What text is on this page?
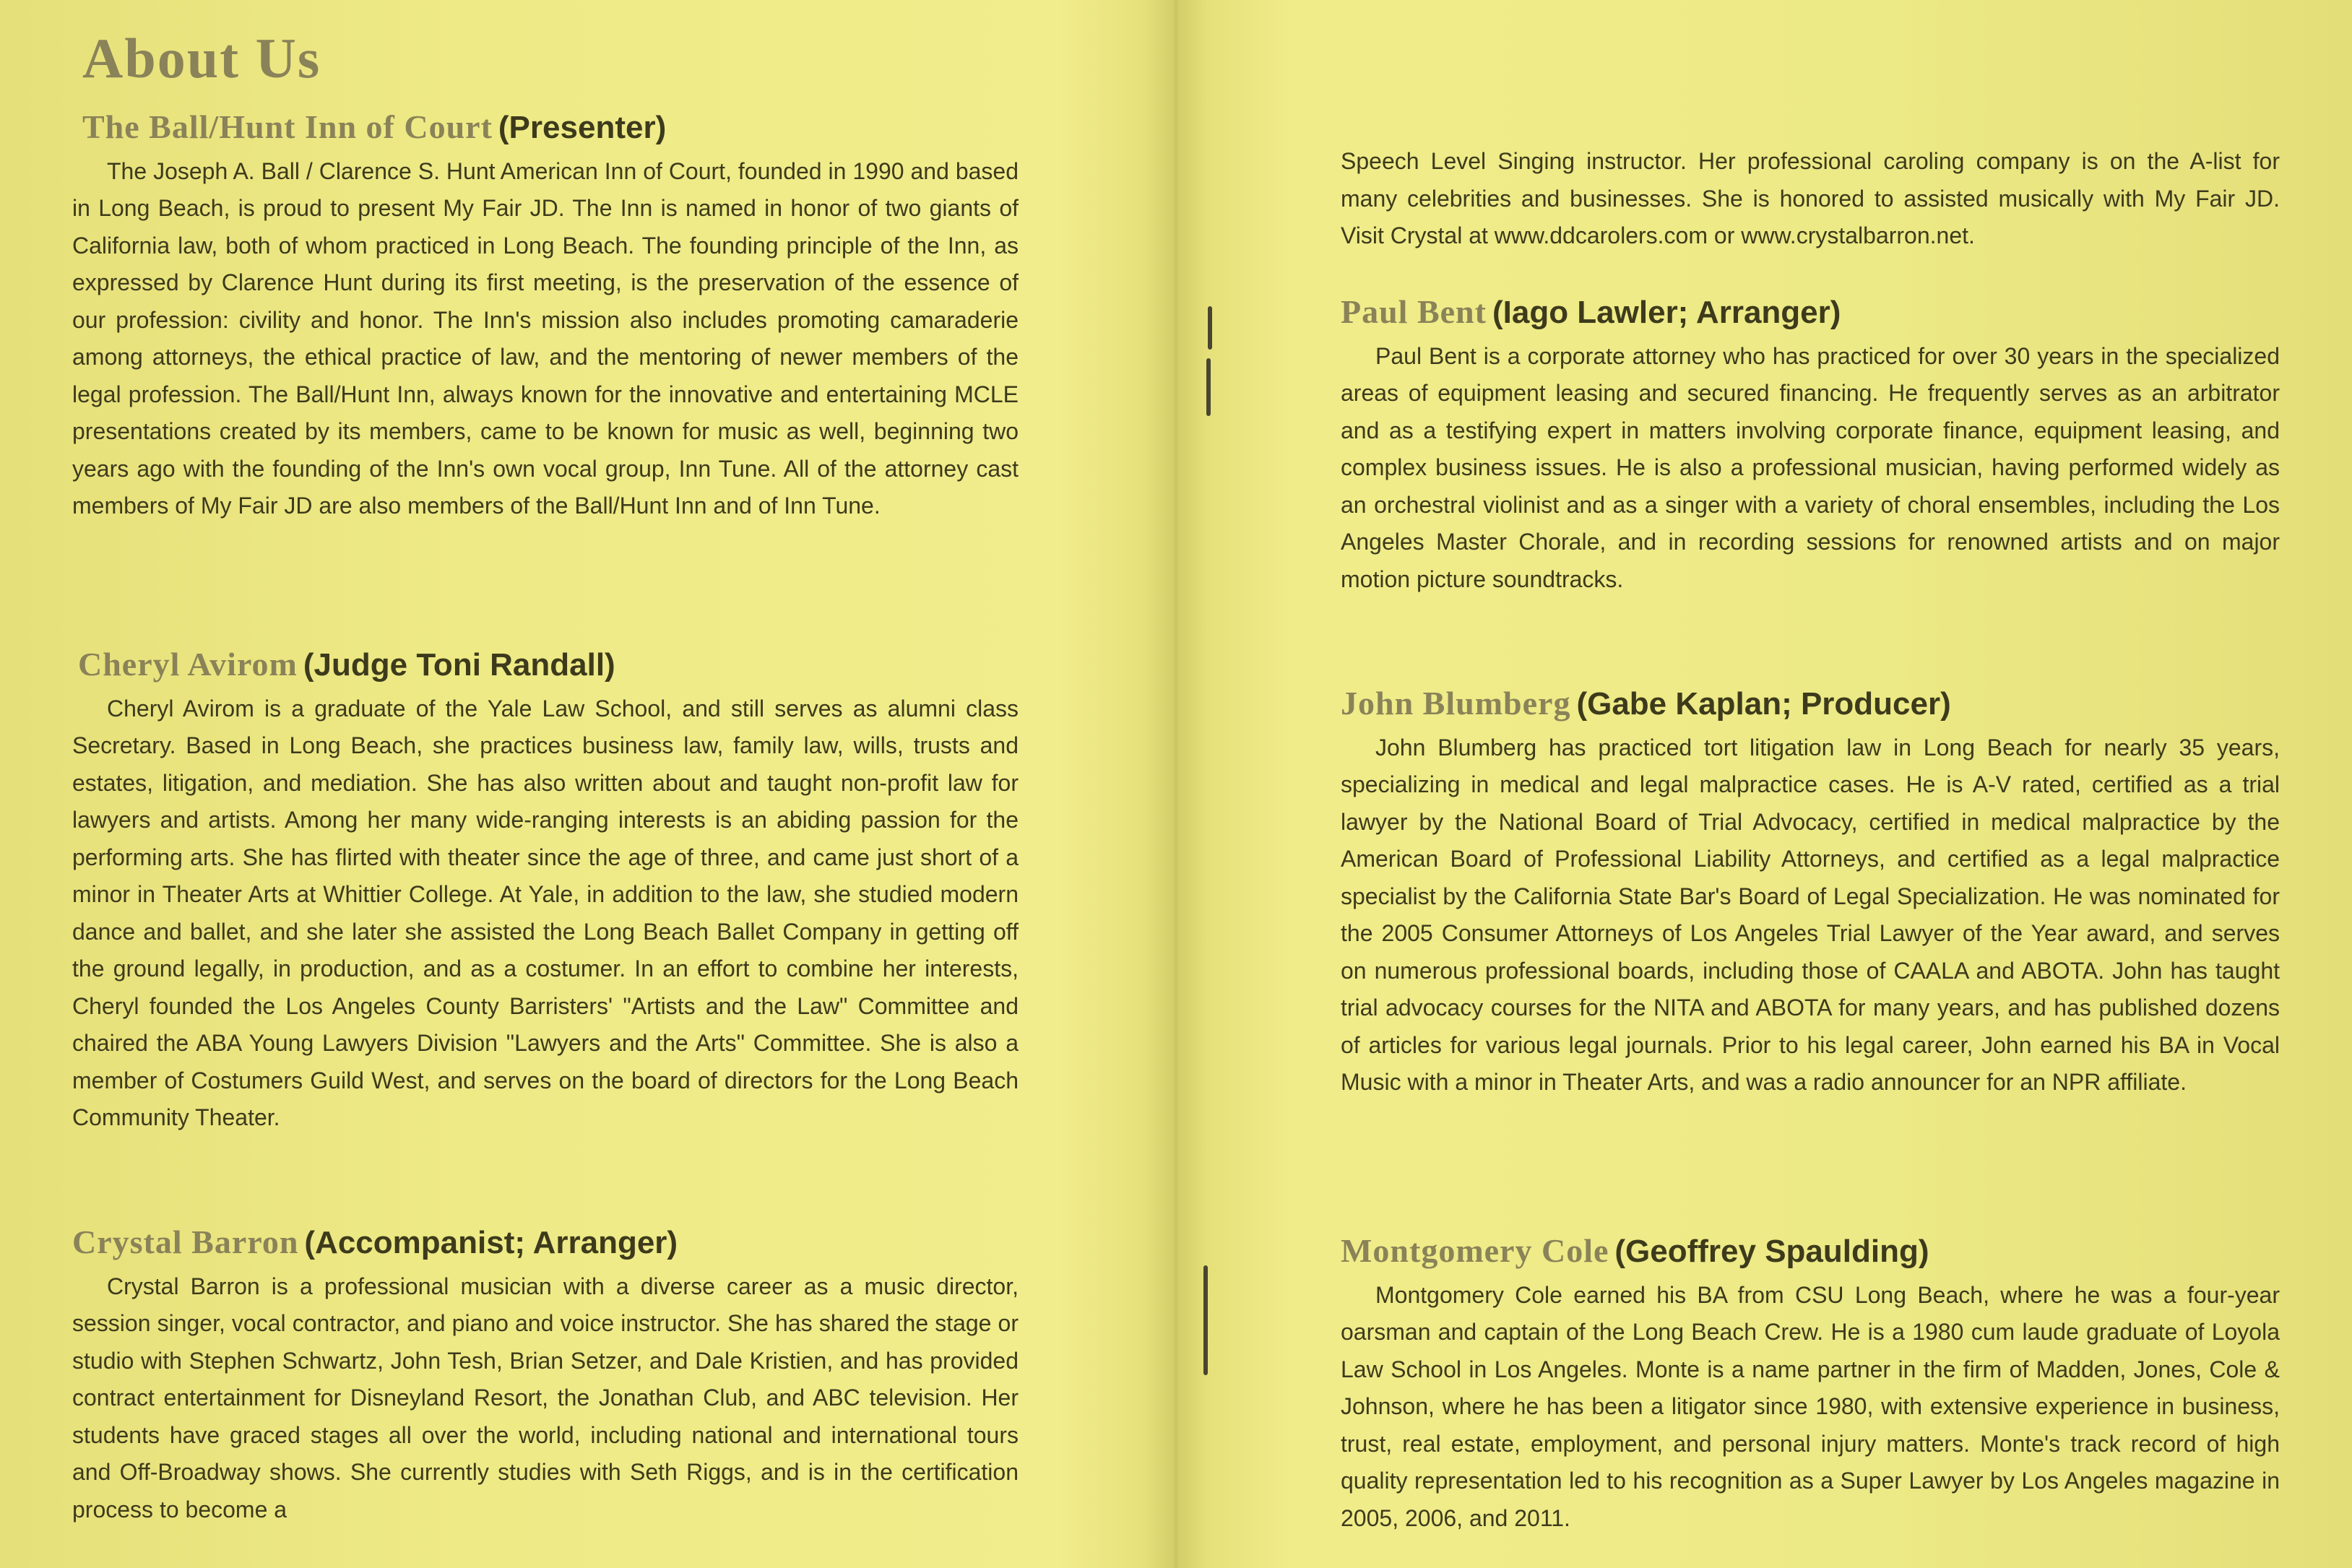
About Us
The Ball/Hunt Inn of Court (Presenter)

The Joseph A. Ball / Clarence S. Hunt American Inn of Court, founded in 1990 and based in Long Beach, is proud to present My Fair JD. The Inn is named in honor of two giants of California law, both of whom practiced in Long Beach. The founding principle of the Inn, as expressed by Clarence Hunt during its first meeting, is the preservation of the essence of our profession: civility and honor. The Inn's mission also includes promoting camaraderie among attorneys, the ethical practice of law, and the mentoring of newer members of the legal profession. The Ball/Hunt Inn, always known for the innovative and entertaining MCLE presentations created by its members, came to be known for music as well, beginning two years ago with the founding of the Inn's own vocal group, Inn Tune. All of the attorney cast members of My Fair JD are also members of the Ball/Hunt Inn and of Inn Tune.

Cheryl Avirom (Judge Toni Randall)

Cheryl Avirom is a graduate of the Yale Law School, and still serves as alumni class Secretary. Based in Long Beach, she practices business law, family law, wills, trusts and estates, litigation, and mediation. She has also written about and taught non-profit law for lawyers and artists. Among her many wide-ranging interests is an abiding passion for the performing arts. She has flirted with theater since the age of three, and came just short of a minor in Theater Arts at Whittier College. At Yale, in addition to the law, she studied modern dance and ballet, and she later she assisted the Long Beach Ballet Company in getting off the ground legally, in production, and as a costumer. In an effort to combine her interests, Cheryl founded the Los Angeles County Barristers' "Artists and the Law" Committee and chaired the ABA Young Lawyers Division "Lawyers and the Arts" Committee. She is also a member of Costumers Guild West, and serves on the board of directors for the Long Beach Community Theater.

Crystal Barron (Accompanist; Arranger)

Crystal Barron is a professional musician with a diverse career as a music director, session singer, vocal contractor, and piano and voice instructor. She has shared the stage or studio with Stephen Schwartz, John Tesh, Brian Setzer, and Dale Kristien, and has provided contract entertainment for Disneyland Resort, the Jonathan Club, and ABC television. Her students have graced stages all over the world, including national and international tours and Off-Broadway shows. She currently studies with Seth Riggs, and is in the certification process to become a

Speech Level Singing instructor. Her professional caroling company is on the A-list for many celebrities and businesses. She is honored to assisted musically with My Fair JD. Visit Crystal at www.ddcarolers.com or www.crystalbarron.net.

Paul Bent (Iago Lawler; Arranger)

Paul Bent is a corporate attorney who has practiced for over 30 years in the specialized areas of equipment leasing and secured financing. He frequently serves as an arbitrator and as a testifying expert in matters involving corporate finance, equipment leasing, and complex business issues. He is also a professional musician, having performed widely as an orchestral violinist and as a singer with a variety of choral ensembles, including the Los Angeles Master Chorale, and in recording sessions for renowned artists and on major motion picture soundtracks.

John Blumberg (Gabe Kaplan; Producer)

John Blumberg has practiced tort litigation law in Long Beach for nearly 35 years, specializing in medical and legal malpractice cases. He is A-V rated, certified as a trial lawyer by the National Board of Trial Advocacy, certified in medical malpractice by the American Board of Professional Liability Attorneys, and certified as a legal malpractice specialist by the California State Bar's Board of Legal Specialization. He was nominated for the 2005 Consumer Attorneys of Los Angeles Trial Lawyer of the Year award, and serves on numerous professional boards, including those of CAALA and ABOTA. John has taught trial advocacy courses for the NITA and ABOTA for many years, and has published dozens of articles for various legal journals. Prior to his legal career, John earned his BA in Vocal Music with a minor in Theater Arts, and was a radio announcer for an NPR affiliate.

Montgomery Cole (Geoffrey Spaulding)

Montgomery Cole earned his BA from CSU Long Beach, where he was a four-year oarsman and captain of the Long Beach Crew. He is a 1980 cum laude graduate of Loyola Law School in Los Angeles. Monte is a name partner in the firm of Madden, Jones, Cole & Johnson, where he has been a litigator since 1980, with extensive experience in business, trust, real estate, employment, and personal injury matters. Monte's track record of high quality representation led to his recognition as a Super Lawyer by Los Angeles magazine in 2005, 2006, and 2011.
